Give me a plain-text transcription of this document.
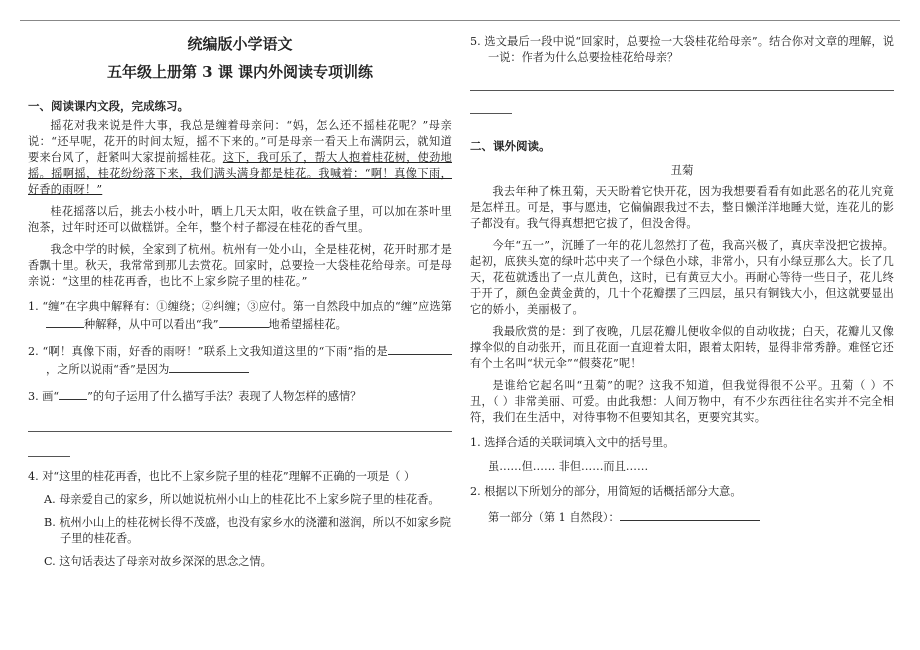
统编版小学语文
五年级上册第 3 课 课内外阅读专项训练
一、阅读课内文段，完成练习。

摇花对我来说是件大事，我总是缠着母亲问：“妈，怎么还不摇桂花呢？”母亲说：“还早呢，花开的时间太短，摇不下来的。”可是母亲一看天上布满阴云，就知道要来台风了，赶紧叫大家提前摇桂花。这下，我可乐了，帮大人抱着桂花树，使劲地摇。摇啊摇，桂花纷纷落下来，我们满头满身都是桂花。我喊着：“啊！真像下雨，好香的雨呀！”

桂花摇落以后，挑去小枝小叶，晒上几天太阳，收在铁盒子里，可以加在茶叶里泡茶，过年时还可以做糕饼。全年，整个村子都浸在桂花的香气里。

我念中学的时候，全家到了杭州。杭州有一处小山，全是桂花树，花开时那才是香飘十里。秋天，我常常到那儿去赏花。回家时，总要捡一大袋桂花给母亲。可是母亲说：“这里的桂花再香，也比不上家乡院子里的桂花。”

1. “缠”在字典中解释有：①缠绕；②纠缠；③应付。第一自然段中加点的“缠”应选第种解释，从中可以看出“我”	地希望摇桂花。

2. “啊！真像下雨，好香的雨呀！”联系上文我知道这里的“下雨”指的是，之所以说雨“香”是因为

3. 画“	”的句子运用了什么描写手法？表现了人物怎样的感情？

4. 对“这里的桂花再香，也比不上家乡院子里的桂花”理解不正确的一项是（ ）

A. 母亲爱自己的家乡，所以她说杭州小山上的桂花比不上家乡院子里的桂花香。

B. 杭州小山上的桂花树长得不茂盛，也没有家乡水的浇灌和滋润，所以不如家乡院子里的桂花香。

C. 这句话表达了母亲对故乡深深的思念之情。

5. 选文最后一段中说“回家时，总要捡一大袋桂花给母亲”。结合你对文章的理解，说一说：作者为什么总要捡桂花给母亲？

二、课外阅读。
丑菊

我去年种了株丑菊，天天盼着它快开花，因为我想要看看有如此恶名的花儿究竟是怎样丑。可是，事与愿违，它偏偏跟我过不去，整日懒洋洋地睡大觉，连花儿的影子都没有。我气得真想把它拔了，但没舍得。

今年“五一”，沉睡了一年的花儿忽然打了苞，我高兴极了，真庆幸没把它拔掉。起初，底狭头宽的绿叶芯中夹了一个绿色小球，非常小，只有小绿豆那么大。长了几天，花苞就透出了一点儿黄色，这时，已有黄豆大小。再耐心等待一些日子，花儿终于开了，颜色金黄金黄的，几十个花瓣摆了三四层，虽只有铜钱大小，但这就要显出它的娇小，美丽极了。

我最欣赏的是：到了夜晚，几层花瓣儿便收伞似的自动收拢；白天，花瓣儿又像撑伞似的自动张开，而且花面一直迎着太阳，跟着太阳转，显得非常秀静。难怪它还有个土名叫“状元伞”“假葵花”呢！

是谁给它起名叫“丑菊”的呢？这我不知道，但我觉得很不公平。丑菊（ ）不丑，（ ）非常美丽、可爱。由此我想：人间万物中，有不少东西往往名实并不完全相符，我们在生活中，对待事物不但要知其名，更要究其实。

1. 选择合适的关联词填入文中的括号里。

虽……但…… 非但……而且……

2. 根据以下所划分的部分，用简短的话概括部分大意。

第一部分（第 1 自然段）：
